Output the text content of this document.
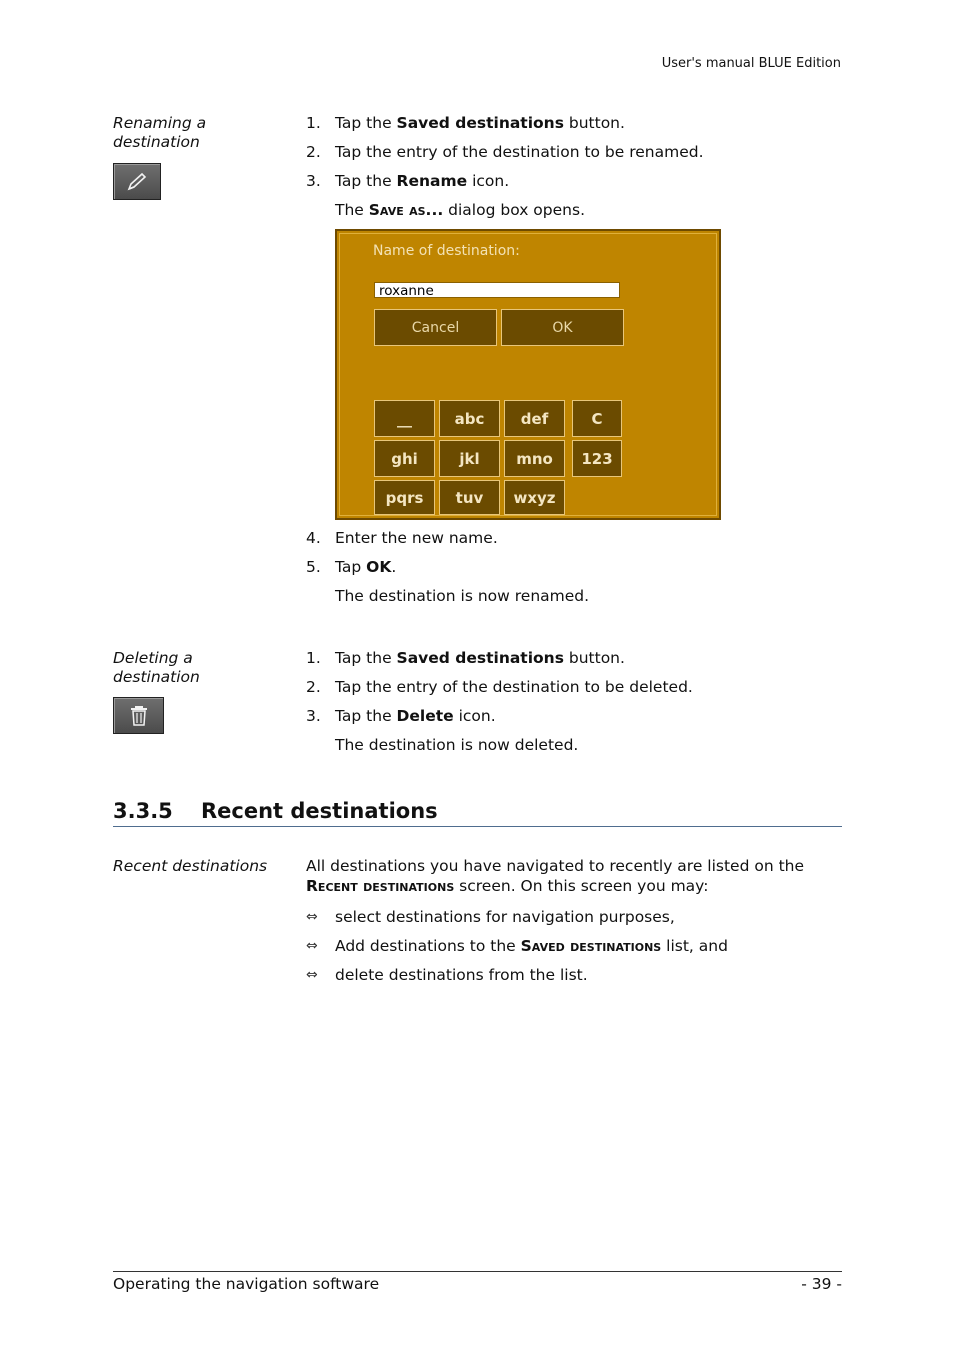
User's manual BLUE Edition
Renaming a destination
1. Tap the Saved destinations button.
2. Tap the entry of the destination to be renamed.
3. Tap the Rename icon.
The Save as... dialog box opens.
Name of destination:
roxanne
Cancel	OK
__	abc	def	C
ghi	jkl	mno	123
pqrs	tuv	wxyz
4. Enter the new name.
5. Tap OK.
The destination is now renamed.
Deleting a destination
1. Tap the Saved destinations button.
2. Tap the entry of the destination to be deleted.
3. Tap the Delete icon.
The destination is now deleted.
3.3.5 Recent destinations
Recent destinations	All destinations you have navigated to recently are listed on the Recent destinations screen. On this screen you may:
⇔	select destinations for navigation purposes,
⇔	Add destinations to the Saved destinations list, and
⇔	delete destinations from the list.
Operating the navigation software	- 39 -
